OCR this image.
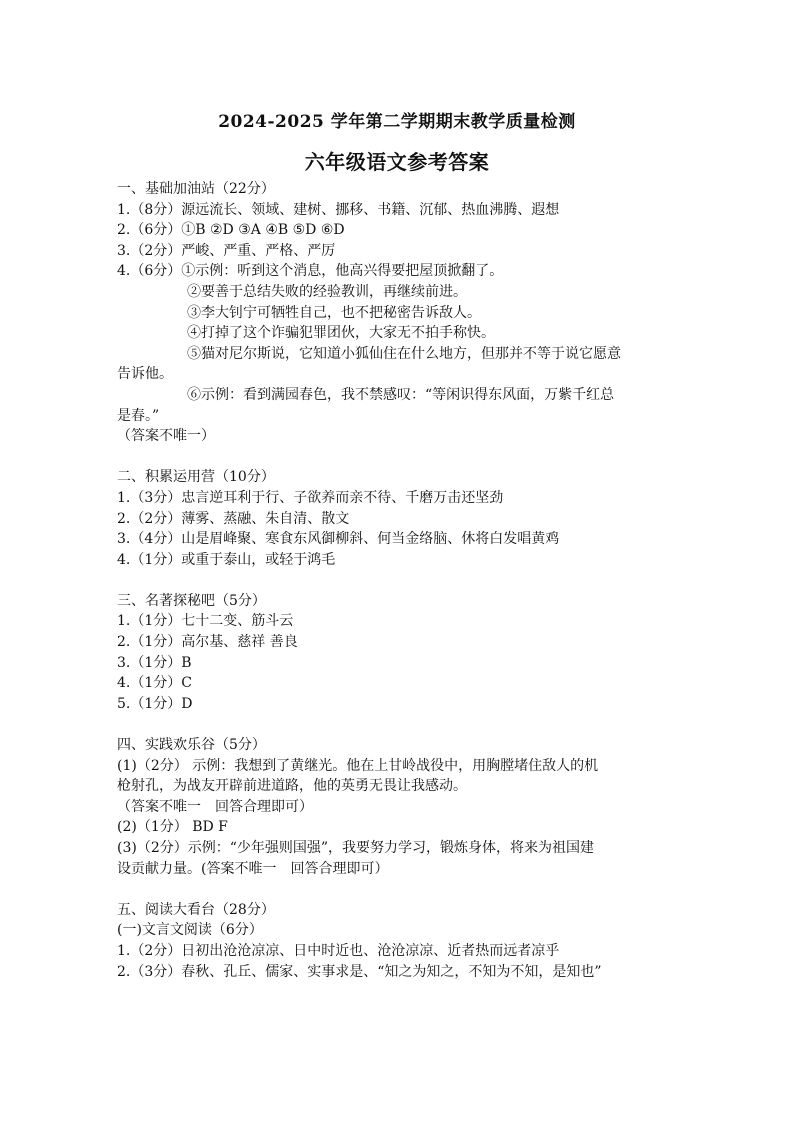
2024-2025 学年第二学期期末教学质量检测
六年级语文参考答案

一、基础加油站（22分）

1.（8分）源远流长、领域、建树、挪移、书籍、沉郁、热血沸腾、遐想

2.（6分）①B ②D ③A ④B ⑤D ⑥D

3.（2分）严峻、严重、严格、严厉

4.（6分）①示例：听到这个消息，他高兴得要把屋顶掀翻了。

②要善于总结失败的经验教训，再继续前进。

③李大钊宁可牺牲自己，也不把秘密告诉敌人。

④打掉了这个诈骗犯罪团伙，大家无不拍手称快。

⑤猫对尼尔斯说，它知道小狐仙住在什么地方，但那并不等于说它愿意

告诉他。

⑥示例：看到满园春色，我不禁感叹：“等闲识得东风面，万紫千红总

是春。”

（答案不唯一）

二、积累运用营（10分）

1.（3分）忠言逆耳利于行、子欲养而亲不待、千磨万击还坚劲

2.（2分）薄雾、蒸融、朱自清、散文

3.（4分）山是眉峰聚、寒食东风御柳斜、何当金络脑、休将白发唱黄鸡

4.（1分）或重于泰山，或轻于鸿毛

三、名著探秘吧（5分）

1.（1分）七十二变、筋斗云

2.（1分）高尔基、慈祥 善良

3.（1分）B

4.（1分）C

5.（1分）D

四、实践欢乐谷（5分）

(1)（2分） 示例：我想到了黄继光。他在上甘岭战役中，用胸膛堵住敌人的机

枪射孔，为战友开辟前进道路，他的英勇无畏让我感动。

（答案不唯一　回答合理即可）

(2)（1分） BD F

(3)（2分）示例：“少年强则国强”，我要努力学习，锻炼身体，将来为祖国建

设贡献力量。(答案不唯一　回答合理即可）

五、阅读大看台（28分）

(一)文言文阅读（6分）

1.（2分）日初出沧沧凉凉、日中时近也、沧沧凉凉、近者热而远者凉乎

2.（3分）春秋、孔丘、儒家、实事求是、“知之为知之，不知为不知，是知也”
